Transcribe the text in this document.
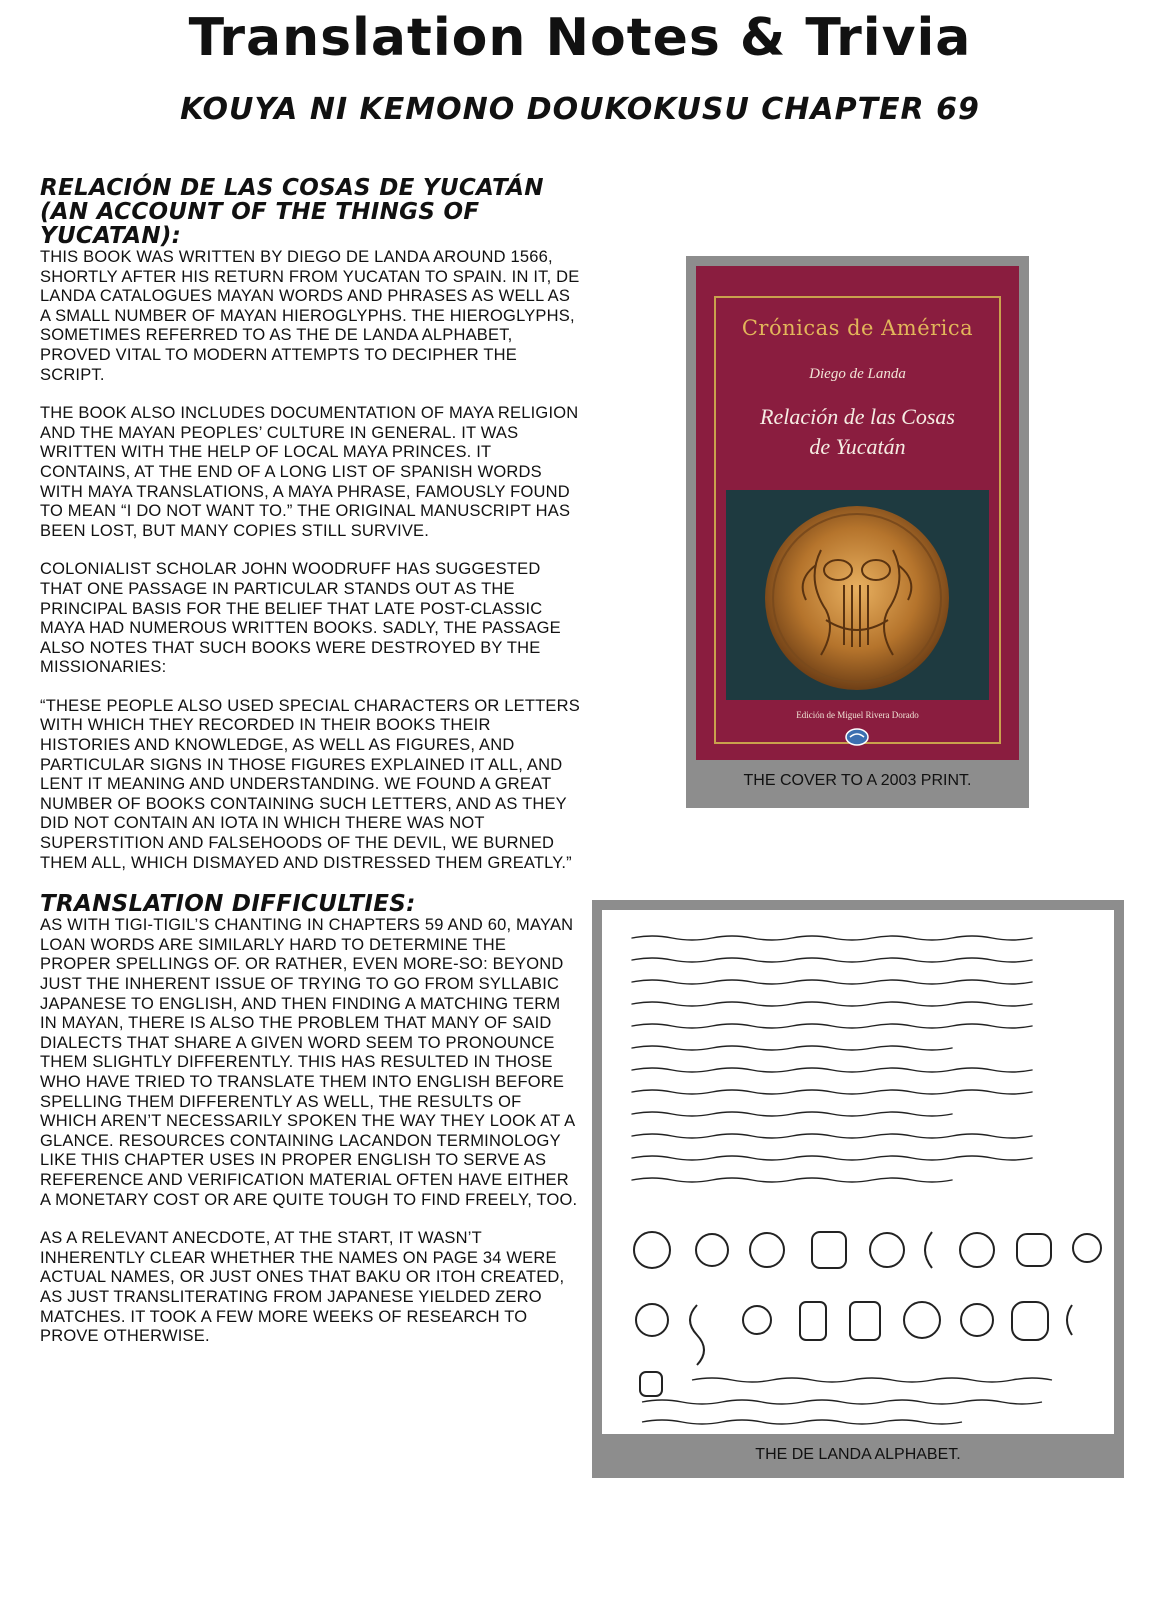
Translation Notes & Trivia
KOUYA NI KEMONO DOUKOKUSU CHAPTER 69
RELACIÓN DE LAS COSAS DE YUCATÁN (AN ACCOUNT OF THE THINGS OF YUCATAN):
THIS BOOK WAS WRITTEN BY DIEGO DE LANDA AROUND 1566, SHORTLY AFTER HIS RETURN FROM YUCATAN TO SPAIN. IN IT, DE LANDA CATALOGUES MAYAN WORDS AND PHRASES AS WELL AS A SMALL NUMBER OF MAYAN HIEROGLYPHS. THE HIEROGLYPHS, SOMETIMES REFERRED TO AS THE DE LANDA ALPHABET, PROVED VITAL TO MODERN ATTEMPTS TO DECIPHER THE SCRIPT.
THE BOOK ALSO INCLUDES DOCUMENTATION OF MAYA RELIGION AND THE MAYAN PEOPLES’ CULTURE IN GENERAL. IT WAS WRITTEN WITH THE HELP OF LOCAL MAYA PRINCES. IT CONTAINS, AT THE END OF A LONG LIST OF SPANISH WORDS WITH MAYA TRANSLATIONS, A MAYA PHRASE, FAMOUSLY FOUND TO MEAN “I DO NOT WANT TO.” THE ORIGINAL MANUSCRIPT HAS BEEN LOST, BUT MANY COPIES STILL SURVIVE.
COLONIALIST SCHOLAR JOHN WOODRUFF HAS SUGGESTED THAT ONE PASSAGE IN PARTICULAR STANDS OUT AS THE PRINCIPAL BASIS FOR THE BELIEF THAT LATE POST-CLASSIC MAYA HAD NUMEROUS WRITTEN BOOKS. SADLY, THE PASSAGE ALSO NOTES THAT SUCH BOOKS WERE DESTROYED BY THE MISSIONARIES:
“THESE PEOPLE ALSO USED SPECIAL CHARACTERS OR LETTERS WITH WHICH THEY RECORDED IN THEIR BOOKS THEIR HISTORIES AND KNOWLEDGE, AS WELL AS FIGURES, AND PARTICULAR SIGNS IN THOSE FIGURES EXPLAINED IT ALL, AND LENT IT MEANING AND UNDERSTANDING. WE FOUND A GREAT NUMBER OF BOOKS CONTAINING SUCH LETTERS, AND AS THEY DID NOT CONTAIN AN IOTA IN WHICH THERE WAS NOT SUPERSTITION AND FALSEHOODS OF THE DEVIL, WE BURNED THEM ALL, WHICH DISMAYED AND DISTRESSED THEM GREATLY.”
TRANSLATION DIFFICULTIES:
AS WITH TIGI-TIGIL’S CHANTING IN CHAPTERS 59 AND 60, MAYAN LOAN WORDS ARE SIMILARLY HARD TO DETERMINE THE PROPER SPELLINGS OF. OR RATHER, EVEN MORE-SO: BEYOND JUST THE INHERENT ISSUE OF TRYING TO GO FROM SYLLABIC JAPANESE TO ENGLISH, AND THEN FINDING A MATCHING TERM IN MAYAN, THERE IS ALSO THE PROBLEM THAT MANY OF SAID DIALECTS THAT SHARE A GIVEN WORD SEEM TO PRONOUNCE THEM SLIGHTLY DIFFERENTLY. THIS HAS RESULTED IN THOSE WHO HAVE TRIED TO TRANSLATE THEM INTO ENGLISH BEFORE SPELLING THEM DIFFERENTLY AS WELL, THE RESULTS OF WHICH AREN’T NECESSARILY SPOKEN THE WAY THEY LOOK AT A GLANCE. RESOURCES CONTAINING LACANDON TERMINOLOGY LIKE THIS CHAPTER USES IN PROPER ENGLISH TO SERVE AS REFERENCE AND VERIFICATION MATERIAL OFTEN HAVE EITHER A MONETARY COST OR ARE QUITE TOUGH TO FIND FREELY, TOO.
AS A RELEVANT ANECDOTE, AT THE START, IT WASN’T INHERENTLY CLEAR WHETHER THE NAMES ON PAGE 34 WERE ACTUAL NAMES, OR JUST ONES THAT BAKU OR ITOH CREATED, AS JUST TRANSLITERATING FROM JAPANESE YIELDED ZERO MATCHES. IT TOOK A FEW MORE WEEKS OF RESEARCH TO PROVE OTHERWISE.
Crónicas de América
Diego de Landa
Relación de las Cosas
de Yucatán
Edición de Miguel Rivera Dorado
THE COVER TO A 2003 PRINT.
THE DE LANDA ALPHABET.
